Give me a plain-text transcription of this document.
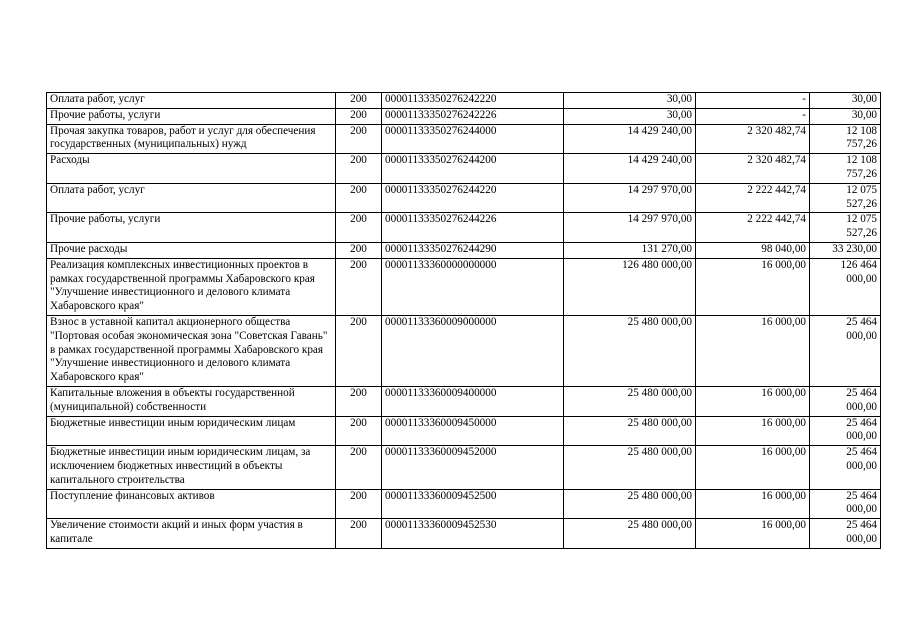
Оплата работ, услуг	200	00001133350276242220	30,00	-	30,00
Прочие работы, услуги	200	00001133350276242226	30,00	-	30,00
Прочая закупка товаров, работ и услуг для обеспечения государственных (муниципальных) нужд	200	00001133350276244000	14 429 240,00	2 320 482,74	12 108 757,26
Расходы	200	00001133350276244200	14 429 240,00	2 320 482,74	12 108 757,26
Оплата работ, услуг	200	00001133350276244220	14 297 970,00	2 222 442,74	12 075 527,26
Прочие работы, услуги	200	00001133350276244226	14 297 970,00	2 222 442,74	12 075 527,26
Прочие расходы	200	00001133350276244290	131 270,00	98 040,00	33 230,00
Реализация комплексных инвестиционных проектов в рамках государственной программы Хабаровского края "Улучшение инвестиционного и делового климата Хабаровского края"	200	00001133360000000000	126 480 000,00	16 000,00	126 464 000,00
Взнос в уставной капитал акционерного общества "Портовая особая экономическая зона "Советская Гавань" в рамках государственной программы Хабаровского края "Улучшение инвестиционного и делового климата Хабаровского края"	200	00001133360009000000	25 480 000,00	16 000,00	25 464 000,00
Капитальные вложения в объекты государственной (муниципальной) собственности	200	00001133360009400000	25 480 000,00	16 000,00	25 464 000,00
Бюджетные инвестиции иным юридическим лицам	200	00001133360009450000	25 480 000,00	16 000,00	25 464 000,00
Бюджетные инвестиции иным юридическим лицам, за исключением бюджетных инвестиций в объекты капитального строительства	200	00001133360009452000	25 480 000,00	16 000,00	25 464 000,00
Поступление финансовых активов	200	00001133360009452500	25 480 000,00	16 000,00	25 464 000,00
Увеличение стоимости акций и иных форм участия в капитале	200	00001133360009452530	25 480 000,00	16 000,00	25 464 000,00
